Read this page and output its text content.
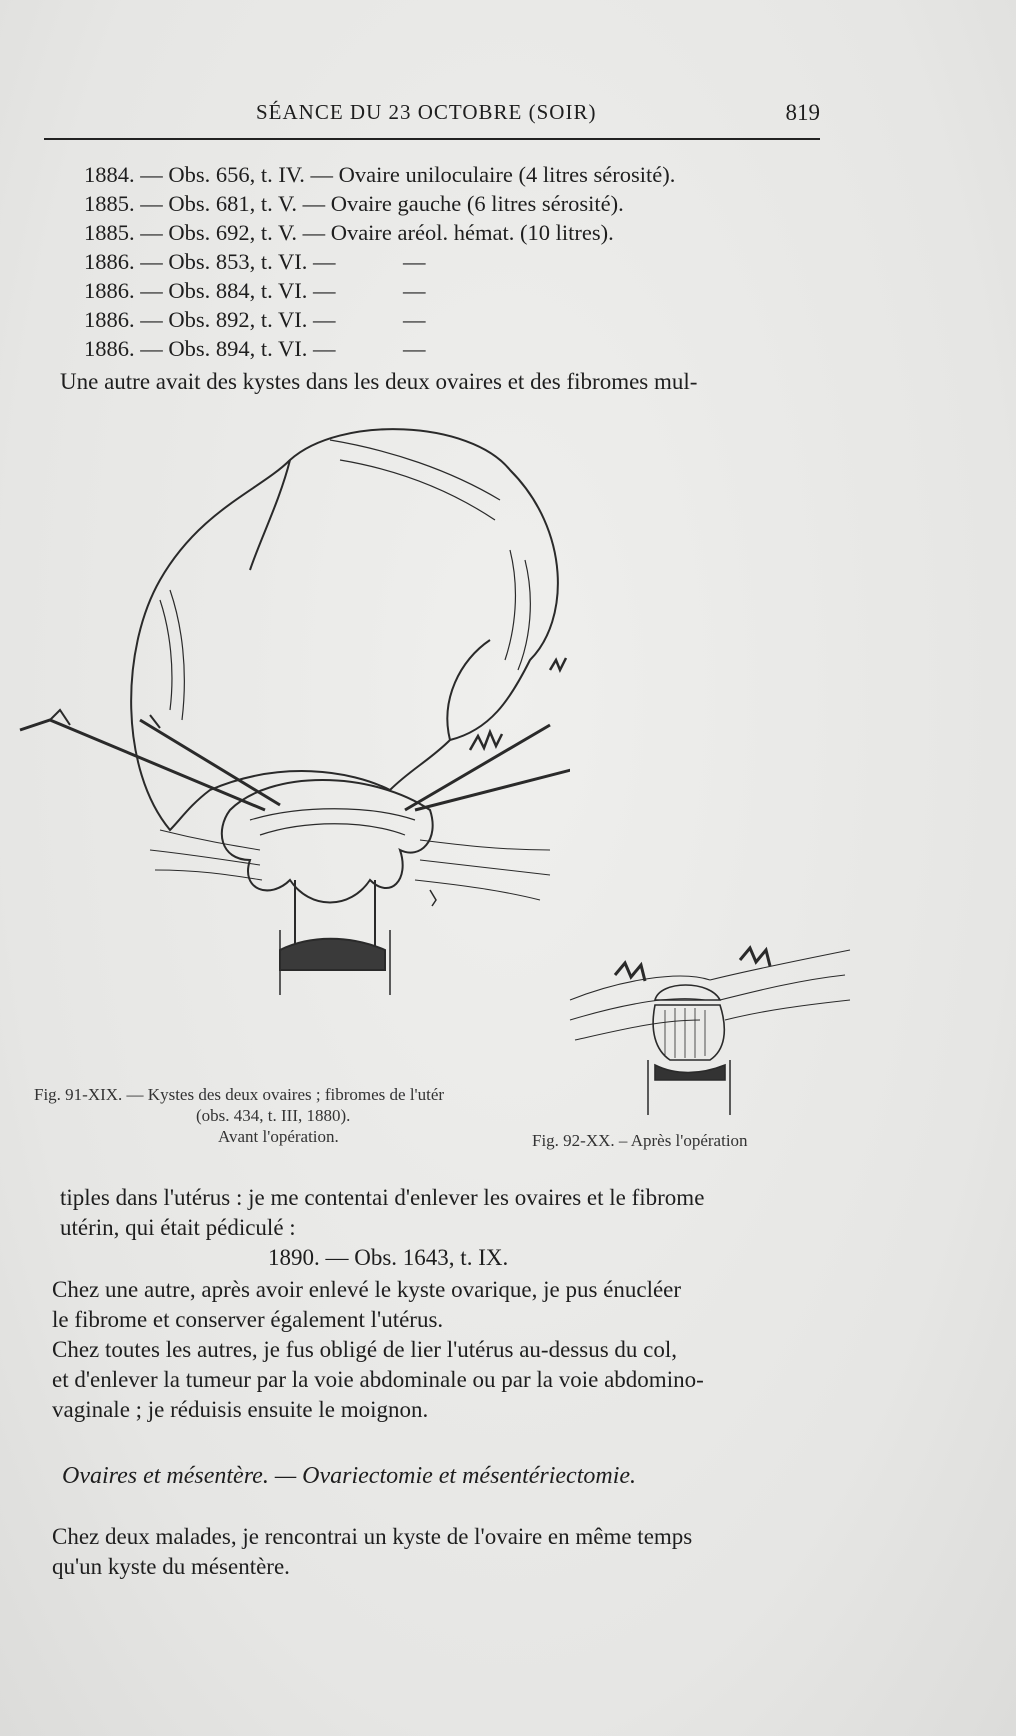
SÉANCE DU 23 OCTOBRE (SOIR)	819
1884. — Obs. 656, t. IV. — Ovaire uniloculaire (4 litres sérosité).
1885. — Obs. 681, t. V. — Ovaire gauche (6 litres sérosité).
1885. — Obs. 692, t. V. — Ovaire aréol. hémat. (10 litres).
1886. — Obs. 853, t. VI. —            —
1886. — Obs. 884, t. VI. —            —
1886. — Obs. 892, t. VI. —            —
1886. — Obs. 894, t. VI. —            —
Une autre avait des kystes dans les deux ovaires et des fibromes mul-
Fig. 91-XIX. — Kystes des deux ovaires ; fibromes de l'utér
(obs. 434, t. III, 1880).
Avant l'opération.	Fig. 92-XX. – Après l'opération
tiples dans l'utérus : je me contentai d'enlever les ovaires et le fibrome
utérin, qui était pédiculé :
1890. — Obs. 1643, t. IX.
Chez une autre, après avoir enlevé le kyste ovarique, je pus énucléer
le fibrome et conserver également l'utérus.
Chez toutes les autres, je fus obligé de lier l'utérus au-dessus du col,
et d'enlever la tumeur par la voie abdominale ou par la voie abdomino-
vaginale ; je réduisis ensuite le moignon.
Ovaires et mésentère. — Ovariectomie et mésentériectomie.
Chez deux malades, je rencontrai un kyste de l'ovaire en même temps
qu'un kyste du mésentère.
